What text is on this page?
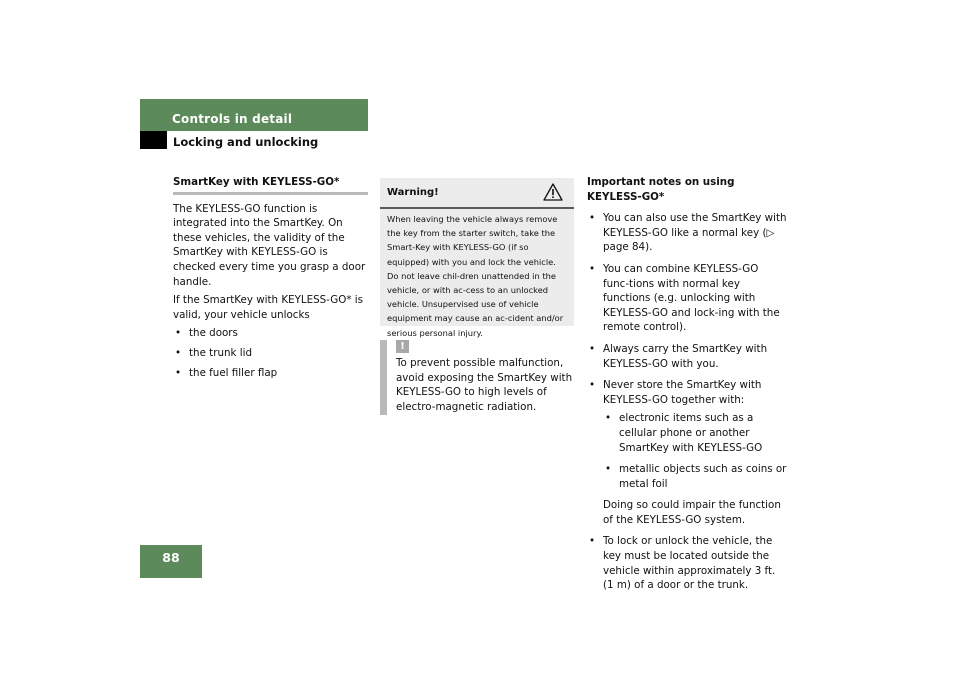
Controls in detail
Locking and unlocking
SmartKey with KEYLESS-GO*

The KEYLESS-GO function is integrated into the SmartKey. On these vehicles, the validity of the SmartKey with KEYLESS-GO is checked every time you grasp a door handle.

If the SmartKey with KEYLESS-GO* is valid, your vehicle unlocks

• the doors
• the trunk lid
• the fuel filler flap
Warning!
When leaving the vehicle always remove the key from the starter switch, take the Smart-Key with KEYLESS-GO (if so equipped) with you and lock the vehicle. Do not leave chil-dren unattended in the vehicle, or with ac-cess to an unlocked vehicle. Unsupervised use of vehicle equipment may cause an ac-cident and/or serious personal injury.
!
To prevent possible malfunction, avoid exposing the SmartKey with KEYLESS-GO to high levels of electro-magnetic radiation.
Important notes on using KEYLESS-GO*
• You can also use the SmartKey with KEYLESS-GO like a normal key (▷ page 84).
• You can combine KEYLESS-GO func-tions with normal key functions (e.g. unlocking with KEYLESS-GO and lock-ing with the remote control).
• Always carry the SmartKey with KEYLESS-GO with you.
• Never store the SmartKey with KEYLESS-GO together with:
• electronic items such as a cellular phone or another SmartKey with KEYLESS-GO
• metallic objects such as coins or metal foil
Doing so could impair the function of the KEYLESS-GO system.
• To lock or unlock the vehicle, the key must be located outside the vehicle within approximately 3 ft. (1 m) of a door or the trunk.
88
